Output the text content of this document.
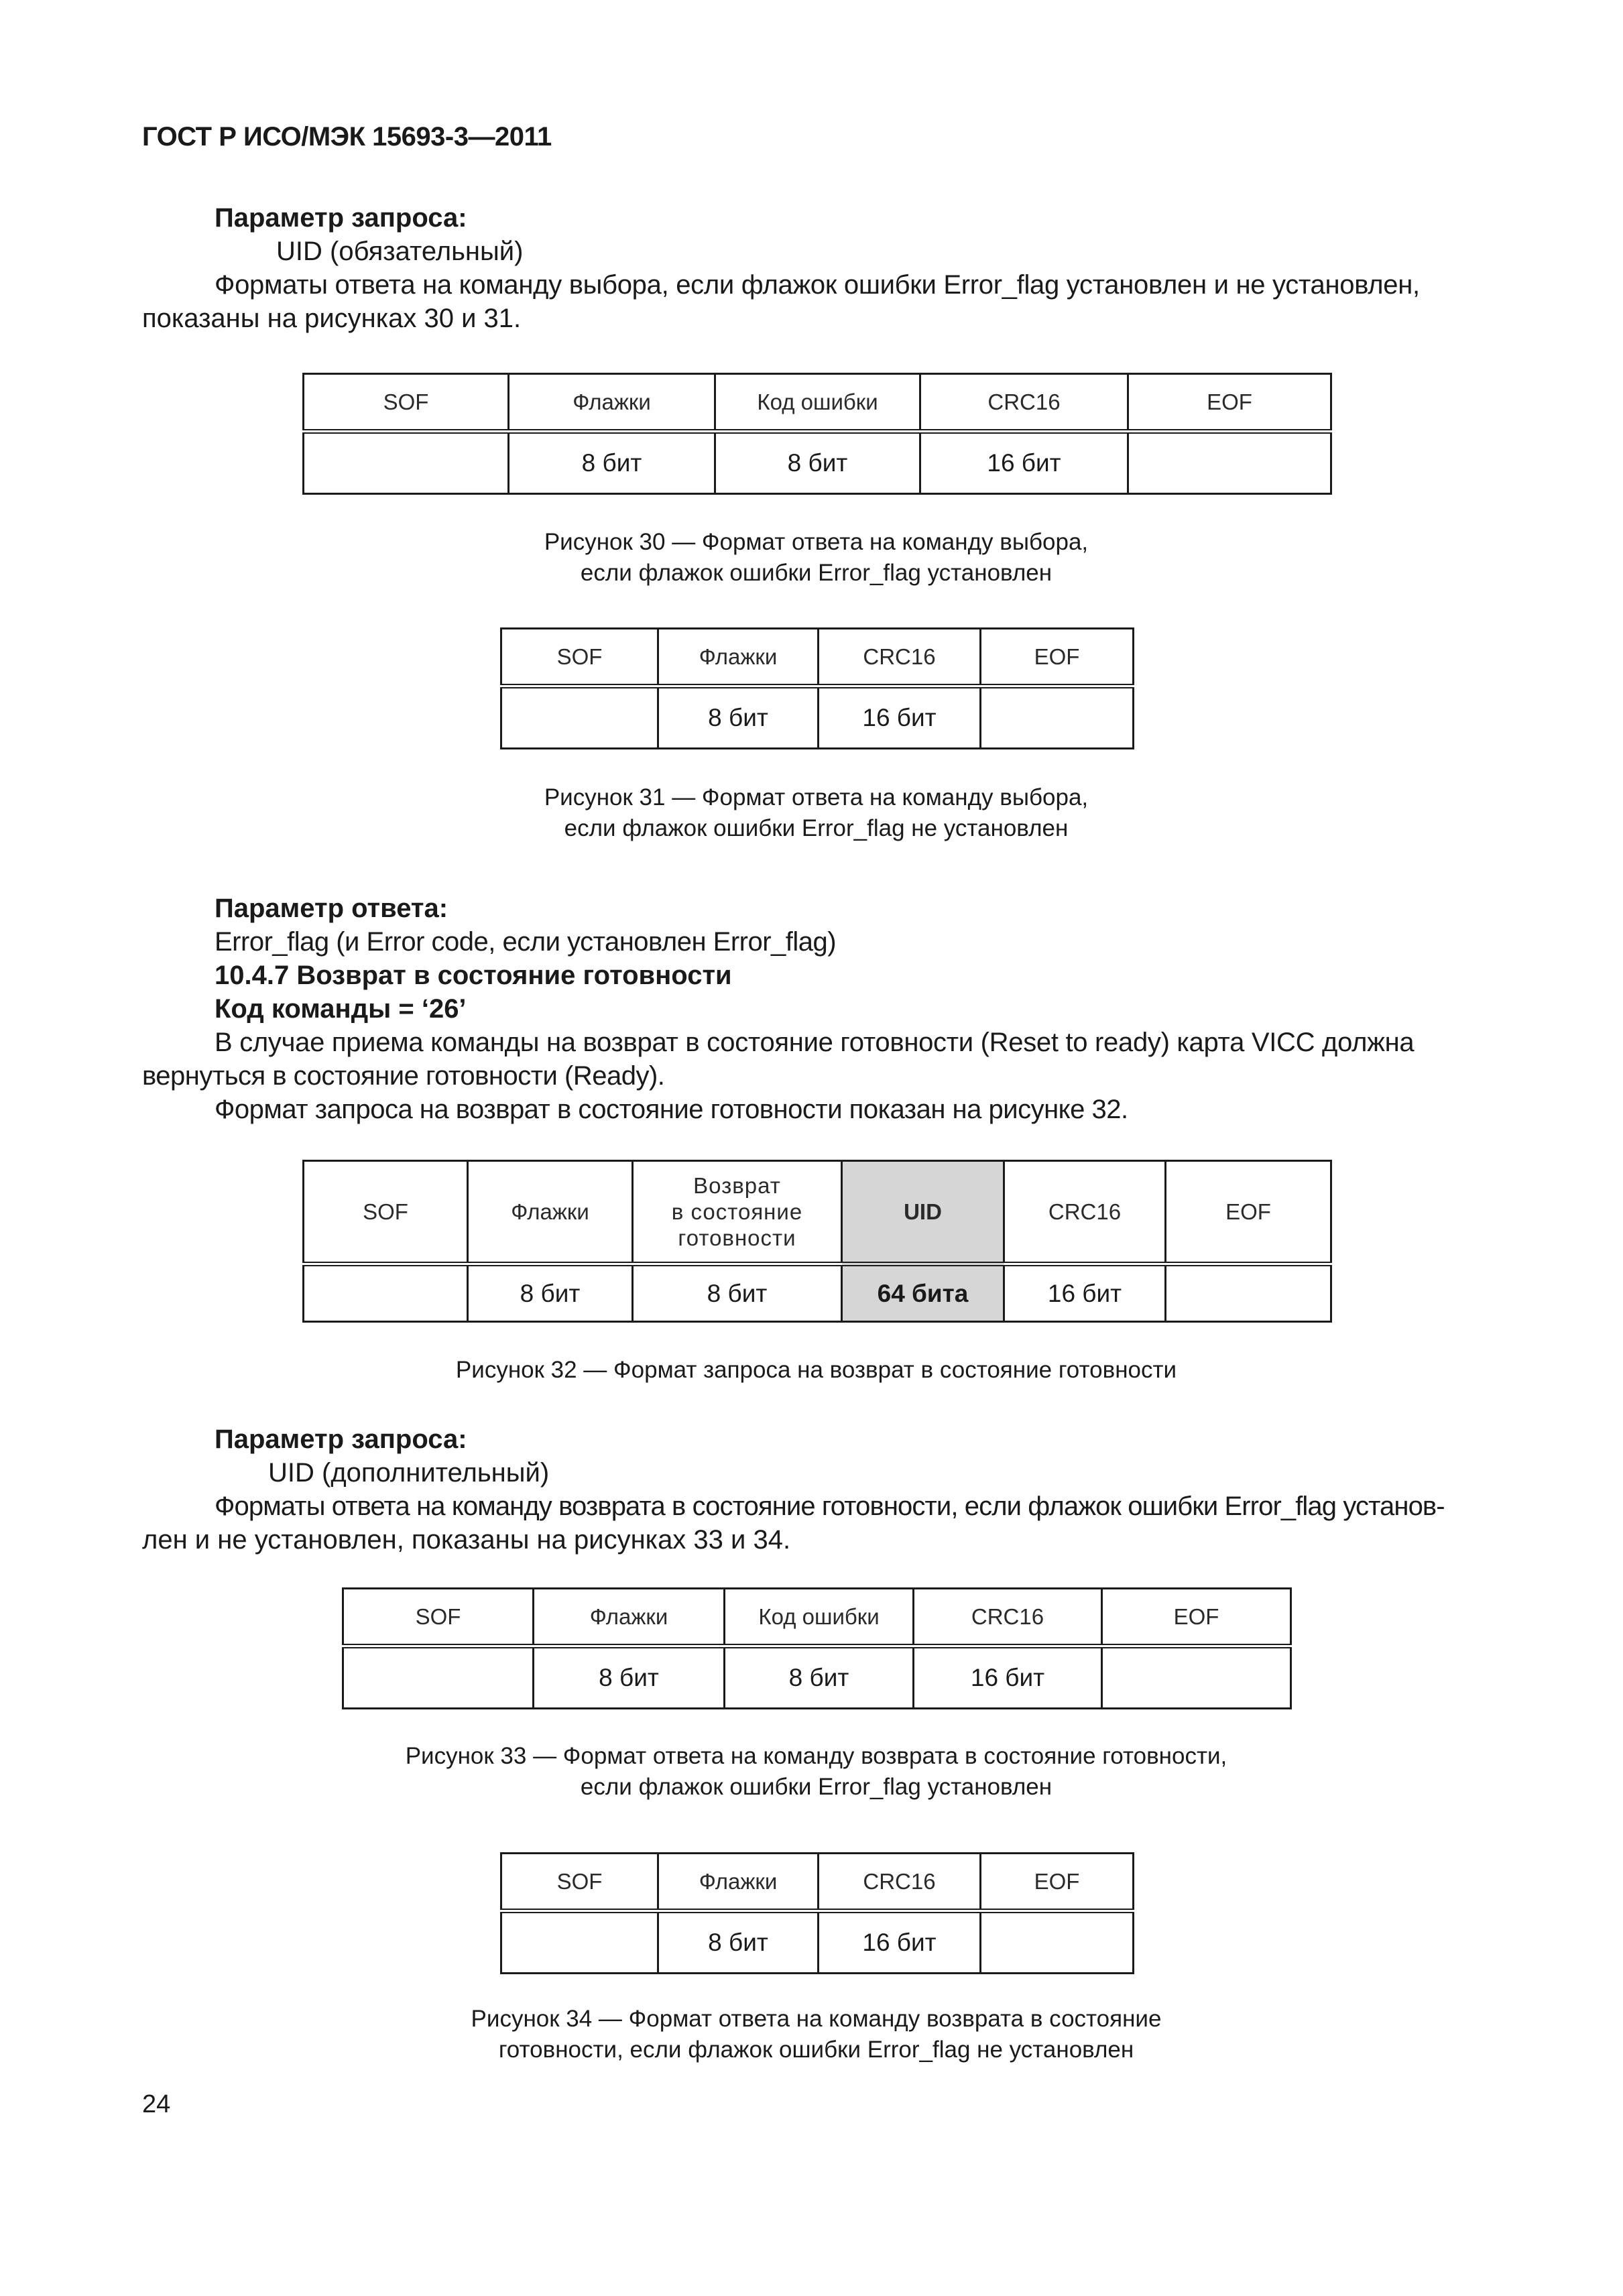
ГОСТ Р ИСО/МЭК 15693-3—2011
Параметр запроса:
UID (обязательный)
Форматы ответа на команду выбора, если флажок ошибки Error_flag установлен и не установлен,
показаны на рисунках 30 и 31.
SOF	Флажки	Код ошибки	CRC16	EOF
	8 бит	8 бит	16 бит	
Рисунок 30 — Формат ответа на команду выбора,
если флажок ошибки Error_flag установлен
SOF	Флажки	CRC16	EOF
	8 бит	16 бит	
Рисунок 31 — Формат ответа на команду выбора,
если флажок ошибки Error_flag не установлен
Параметр ответа:
Error_flag (и Error code, если установлен Error_flag)
10.4.7 Возврат в состояние готовности
Код команды = ‘26’
В случае приема команды на возврат в состояние готовности (Reset to ready) карта VICC должна
вернуться в состояние готовности (Ready).
Формат запроса на возврат в состояние готовности показан на рисунке 32.
SOF	Флажки	Возврат
в состояние
готовности	UID	CRC16	EOF
	8 бит	8 бит	64 бита	16 бит	
Рисунок 32 — Формат запроса на возврат в состояние готовности
Параметр запроса:
UID (дополнительный)
Форматы ответа на команду возврата в состояние готовности, если флажок ошибки Error_flag установ-
лен и не установлен, показаны на рисунках 33 и 34.
SOF	Флажки	Код ошибки	CRC16	EOF
	8 бит	8 бит	16 бит	
Рисунок 33 — Формат ответа на команду возврата в состояние готовности,
если флажок ошибки Error_flag установлен
SOF	Флажки	CRC16	EOF
	8 бит	16 бит	
Рисунок 34 — Формат ответа на команду возврата в состояние
готовности, если флажок ошибки Error_flag не установлен
24
